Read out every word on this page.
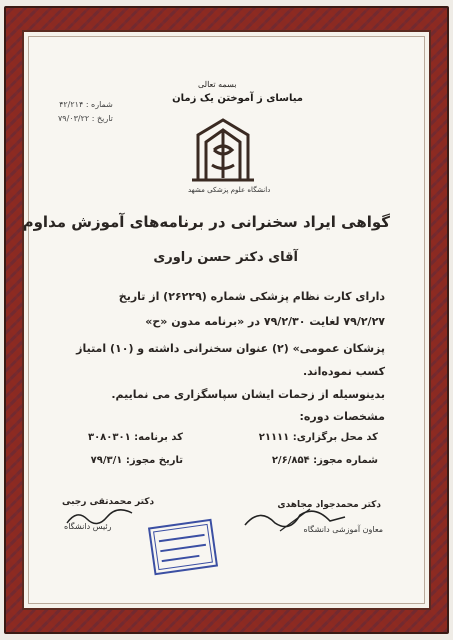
بسمه تعالی
میاسای ز آموختن یک زمان
شماره : ۴۲/۲۱۴
تاریخ : ۷۹/۰۳/۲۲
دانشگاه علوم پزشکی مشهد
گواهی ایراد سخنرانی در برنامه‌های آموزش مداوم
آقای دکتر حسن راوری
دارای کارت نظام پزشکی شماره (۲۶۲۲۹) از تاریخ
۷۹/۲/۲۷ لغایت ۷۹/۲/۳۰ در «برنامه مدون «ح»
پزشکان عمومی» (۲) عنوان سخنرانی داشته و (۱۰) امتیاز
کسب نموده‌اند.
بدینوسیله از زحمات ایشان سپاسگزاری می نماییم.
مشخصات دوره:
کد محل برگزاری: ۲۱۱۱۱
کد برنامه: ۳۰۸۰۳۰۱
شماره مجوز: ۲/۶/۸۵۴
تاریخ مجوز: ۷۹/۳/۱
دکتر محمدتقی رجبی
رئیس دانشگاه
دکتر محمدجواد مجاهدی
معاون آموزشی دانشگاه
